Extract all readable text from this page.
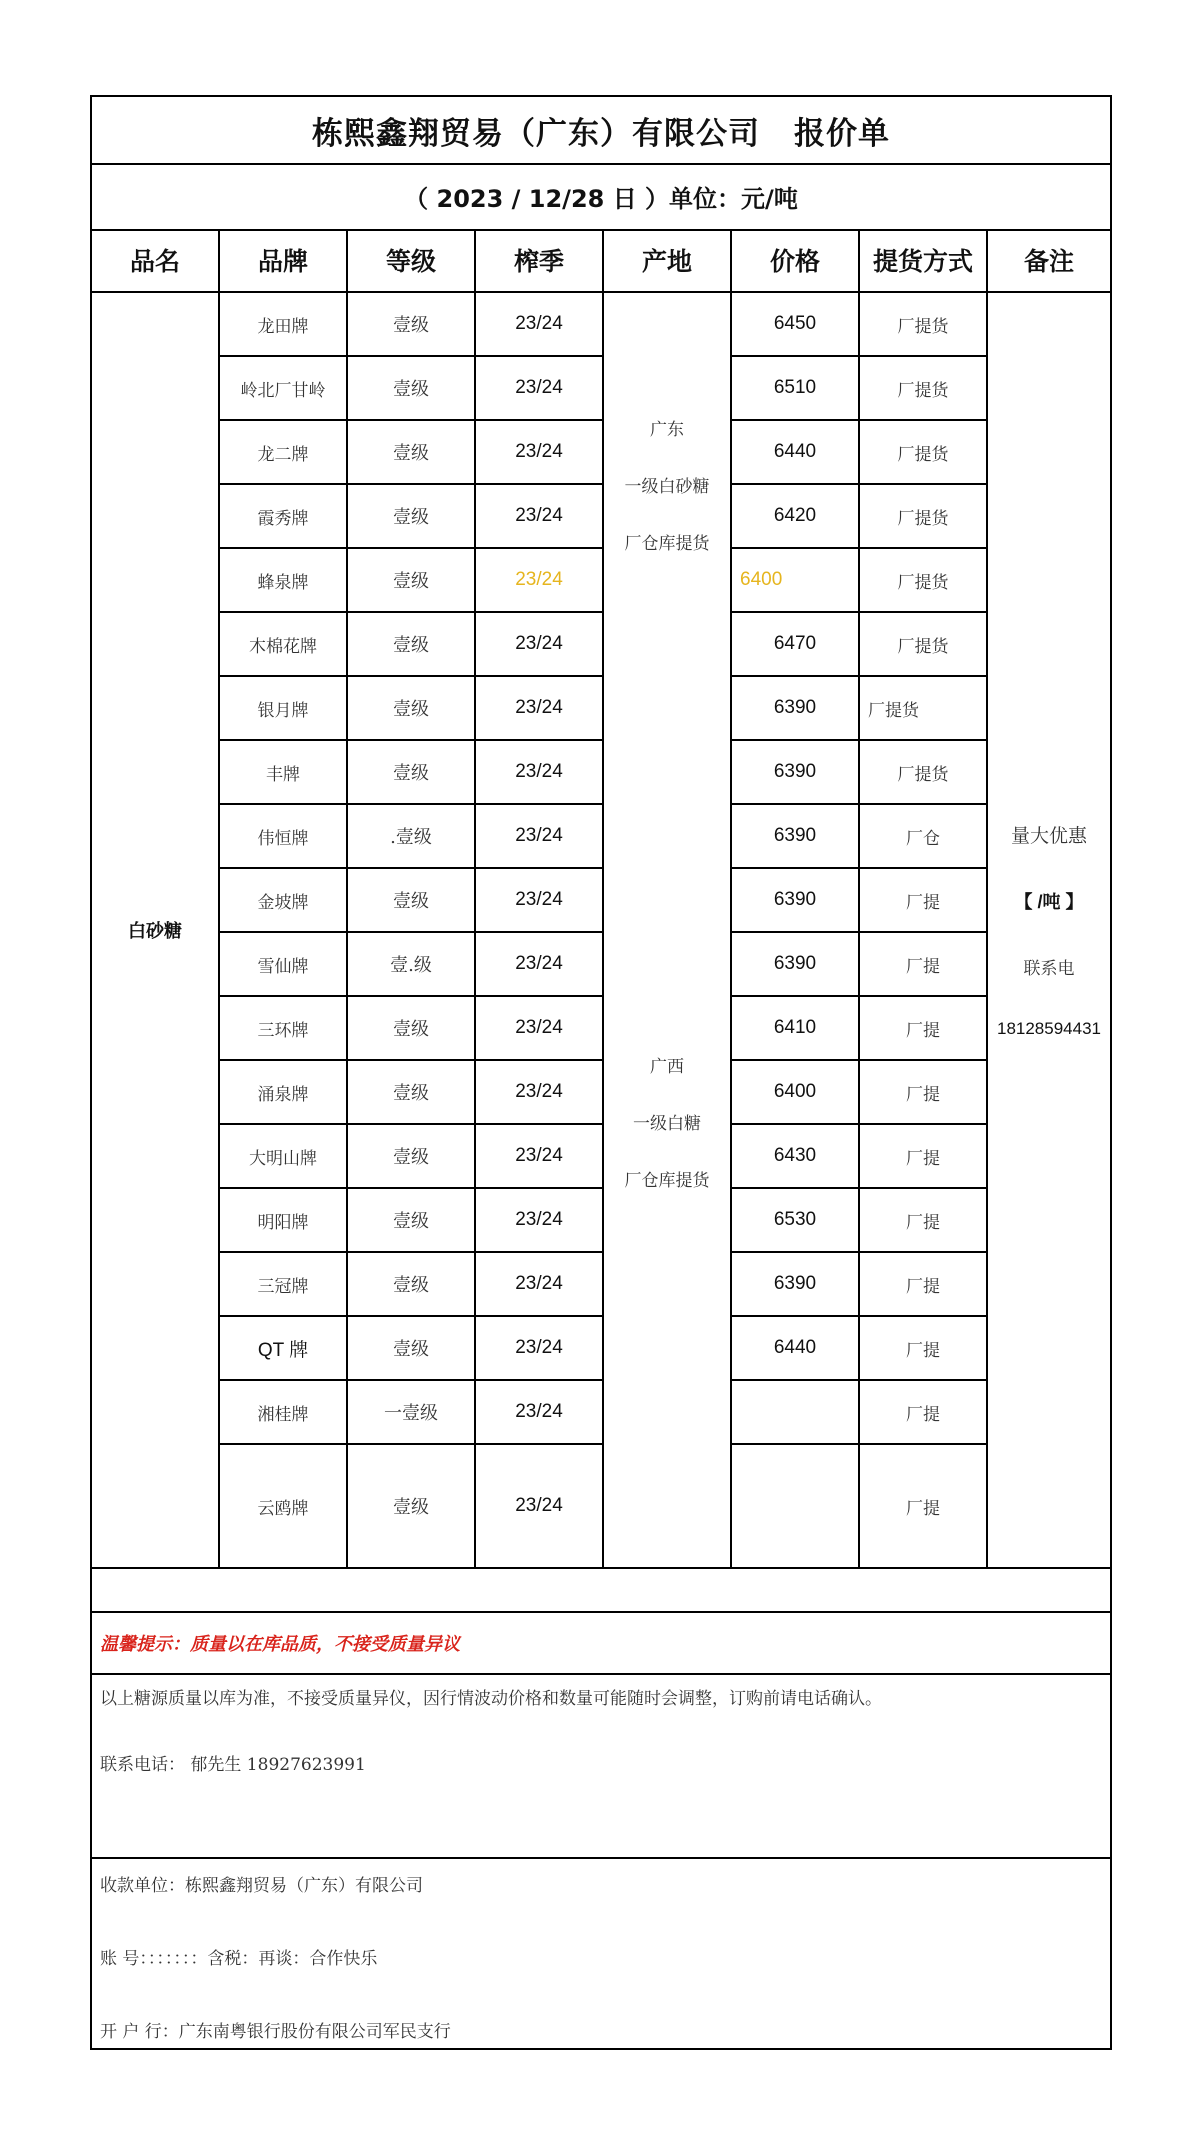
栋熙鑫翔贸易（广东）有限公司 报价单
（ 2023 / 12/28 日 ）单位：元/吨
品名	品牌	等级	榨季	产地	价格	提货方式	备注
白砂糖	龙田牌	壹级	23/24	广东
一级白砂糖
厂仓库提货	6450	厂提货	量大优惠
【 /吨 】
联系电
18128594431

	岭北厂甘岭	壹级	23/24		6510	厂提货	
	龙二牌	壹级	23/24		6440	厂提货	
	霞秀牌	壹级	23/24		6420	厂提货	
	蜂泉牌	壹级	23/24		6400	厂提货	
	木棉花牌	壹级	23/24		6470	厂提货	
	银月牌	壹级	23/24	广西
一级白糖
厂仓库提货	6390	厂提货	
	丰牌	壹级	23/24		6390	厂提货	
	伟恒牌	.壹级	23/24		6390	厂仓	
	金坡牌	壹级	23/24		6390	厂提	
	雪仙牌	壹.级	23/24		6390	厂提	
	三环牌	壹级	23/24		6410	厂提	
	涌泉牌	壹级	23/24		6400	厂提	
	大明山牌	壹级	23/24		6430	厂提	
	明阳牌	壹级	23/24		6530	厂提	
	三冠牌	壹级	23/24		6390	厂提	
	QT 牌	壹级	23/24		6440	厂提	
	湘桂牌	一壹级	23/24			厂提	
	云鸥牌	壹级	23/24			厂提	
温馨提示：质量以在库品质，不接受质量异议
以上糖源质量以库为准，不接受质量异仪，因行情波动价格和数量可能随时会调整，订购前请电话确认。
联系电话： 郁先生 18927623991
收款单位：栋熙鑫翔贸易（广东）有限公司
账 号：：：：：：：含税：再谈：合作快乐
开 户 行：广东南粤银行股份有限公司军民支行
